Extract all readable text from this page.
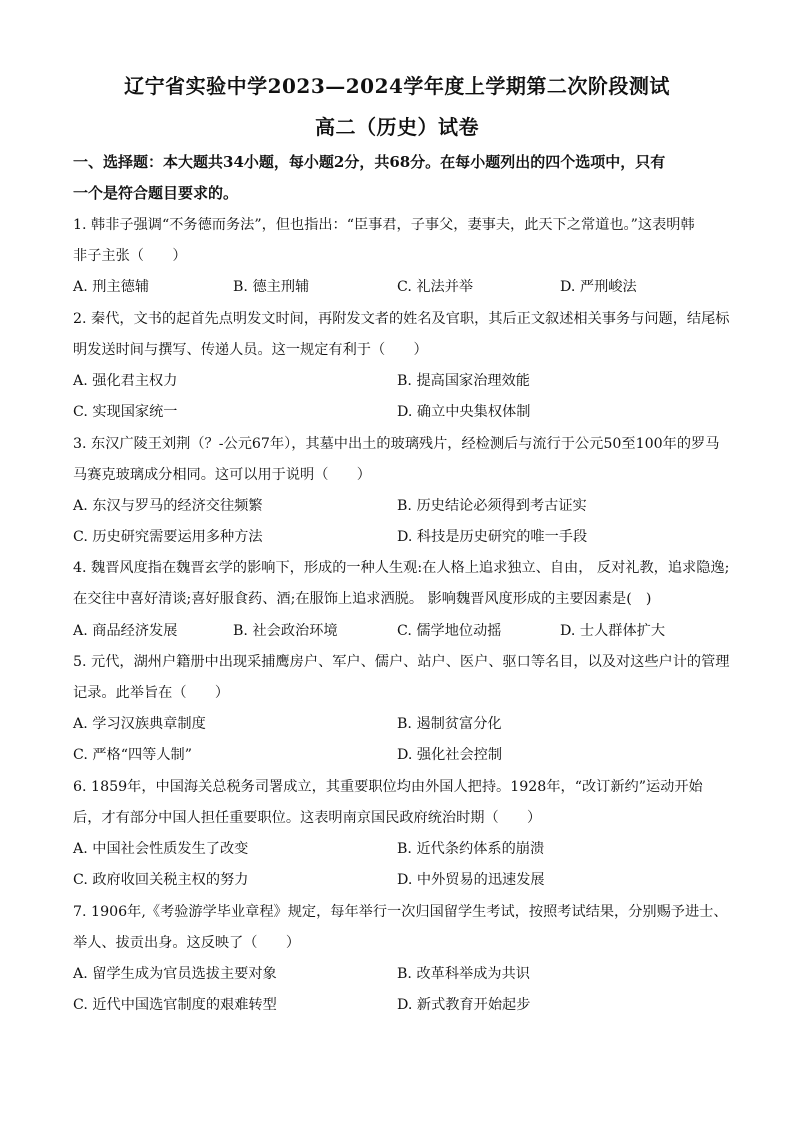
辽宁省实验中学2023—2024学年度上学期第二次阶段测试
高二（历史）试卷
一、选择题：本大题共34小题，每小题2分，共68分。在每小题列出的四个选项中，只有
一个是符合题目要求的。
1. 韩非子强调“不务德而务法”，但也指出：“臣事君，子事父，妻事夫，此天下之常道也。”这表明韩
非子主张（　　）
A. 刑主德辅	B. 德主刑辅	C. 礼法并举	D. 严刑峻法
2. 秦代，文书的起首先点明发文时间，再附发文者的姓名及官职，其后正文叙述相关事务与问题，结尾标
明发送时间与撰写、传递人员。这一规定有利于（　　）
A. 强化君主权力	B. 提高国家治理效能
C. 实现国家统一	D. 确立中央集权体制
3. 东汉广陵王刘荆（？-公元67年），其墓中出土的玻璃残片，经检测后与流行于公元50至100年的罗马
马赛克玻璃成分相同。这可以用于说明（　　）
A. 东汉与罗马的经济交往频繁	B. 历史结论必须得到考古证实
C. 历史研究需要运用多种方法	D. 科技是历史研究的唯一手段
4. 魏晋风度指在魏晋玄学的影响下，形成的一种人生观:在人格上追求独立、自由， 反对礼教，追求隐逸;
在交往中喜好清谈;喜好服食药、酒;在服饰上追求洒脱。 影响魏晋风度形成的主要因素是(　)
A. 商品经济发展	B. 社会政治环境	C. 儒学地位动摇	D. 士人群体扩大
5. 元代，湖州户籍册中出现采捕鹰房户、军户、儒户、站户、医户、驱口等名目，以及对这些户计的管理
记录。此举旨在（　　）
A. 学习汉族典章制度	B. 遏制贫富分化
C. 严格“四等人制”	D. 强化社会控制
6. 1859年，中国海关总税务司署成立，其重要职位均由外国人把持。1928年，“改订新约”运动开始
后，才有部分中国人担任重要职位。这表明南京国民政府统治时期（　　）
A. 中国社会性质发生了改变	B. 近代条约体系的崩溃
C. 政府收回关税主权的努力	D. 中外贸易的迅速发展
7. 1906年,《考验游学毕业章程》规定，每年举行一次归国留学生考试，按照考试结果，分别赐予进士、
举人、拔贡出身。这反映了（　　）
A. 留学生成为官员选拔主要对象	B. 改革科举成为共识
C. 近代中国选官制度的艰难转型	D. 新式教育开始起步
